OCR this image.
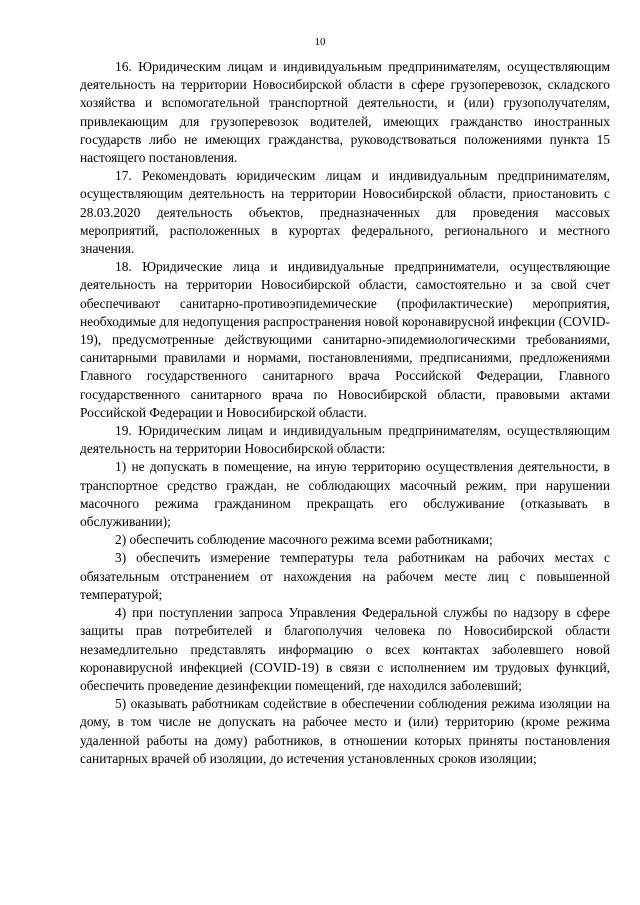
10

16. Юридическим лицам и индивидуальным предпринимателям, осуществляющим деятельность на территории Новосибирской области в сфере грузоперевозок, складского хозяйства и вспомогательной транспортной деятельности, и (или) грузополучателям, привлекающим для грузоперевозок водителей, имеющих гражданство иностранных государств либо не имеющих гражданства, руководствоваться положениями пункта 15 настоящего постановления.

17. Рекомендовать юридическим лицам и индивидуальным предпринимателям, осуществляющим деятельность на территории Новосибирской области, приостановить с 28.03.2020 деятельность объектов, предназначенных для проведения массовых мероприятий, расположенных в курортах федерального, регионального и местного значения.

18. Юридические лица и индивидуальные предприниматели, осуществляющие деятельность на территории Новосибирской области, самостоятельно и за свой счет обеспечивают санитарно-противоэпидемические (профилактические) мероприятия, необходимые для недопущения распространения новой коронавирусной инфекции (COVID-19), предусмотренные действующими санитарно-эпидемиологическими требованиями, санитарными правилами и нормами, постановлениями, предписаниями, предложениями Главного государственного санитарного врача Российской Федерации, Главного государственного санитарного врача по Новосибирской области, правовыми актами Российской Федерации и Новосибирской области.

19. Юридическим лицам и индивидуальным предпринимателям, осуществляющим деятельность на территории Новосибирской области:

1) не допускать в помещение, на иную территорию осуществления деятельности, в транспортное средство граждан, не соблюдающих масочный режим, при нарушении масочного режима гражданином прекращать его обслуживание (отказывать в обслуживании);

2) обеспечить соблюдение масочного режима всеми работниками;

3) обеспечить измерение температуры тела работникам на рабочих местах с обязательным отстранением от нахождения на рабочем месте лиц с повышенной температурой;

4) при поступлении запроса Управления Федеральной службы по надзору в сфере защиты прав потребителей и благополучия человека по Новосибирской области незамедлительно представлять информацию о всех контактах заболевшего новой коронавирусной инфекцией (COVID-19) в связи с исполнением им трудовых функций, обеспечить проведение дезинфекции помещений, где находился заболевший;

5) оказывать работникам содействие в обеспечении соблюдения режима изоляции на дому, в том числе не допускать на рабочее место и (или) территорию (кроме режима удаленной работы на дому) работников, в отношении которых приняты постановления санитарных врачей об изоляции, до истечения установленных сроков изоляции;
